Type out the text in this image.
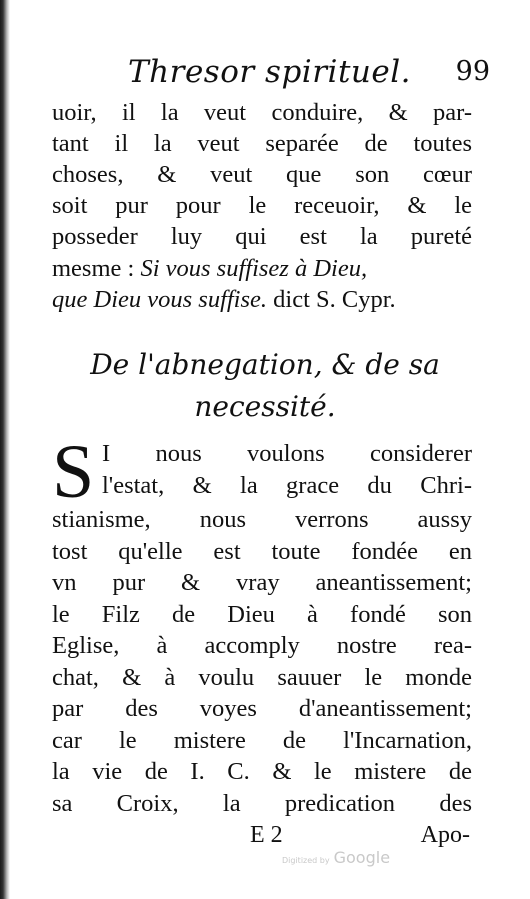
Thresor spirituel. 99
uoir, il la veut conduire, & par-
tant il la veut separée de toutes
choses, & veut que son cœur
soit pur pour le receuoir, & le
posseder luy qui est la pureté
mesme : Si vous suffisez à Dieu,
que Dieu vous suffise. dict S. Cypr.
De l'abnegation, & de sa
necessité.
S I nous voulons considerer
l'estat, & la grace du Chri-
stianisme, nous verrons aussy
tost qu'elle est toute fondée en
vn pur & vray aneantissement;
le Filz de Dieu à fondé son
Eglise, à accomply nostre rea-
chat, & à voulu sauuer le monde
par des voyes d'aneantissement;
car le mistere de l'Incarnation,
la vie de I. C. & le mistere de
sa Croix, la predication des
E 2	Apo-
Digitized by Google
